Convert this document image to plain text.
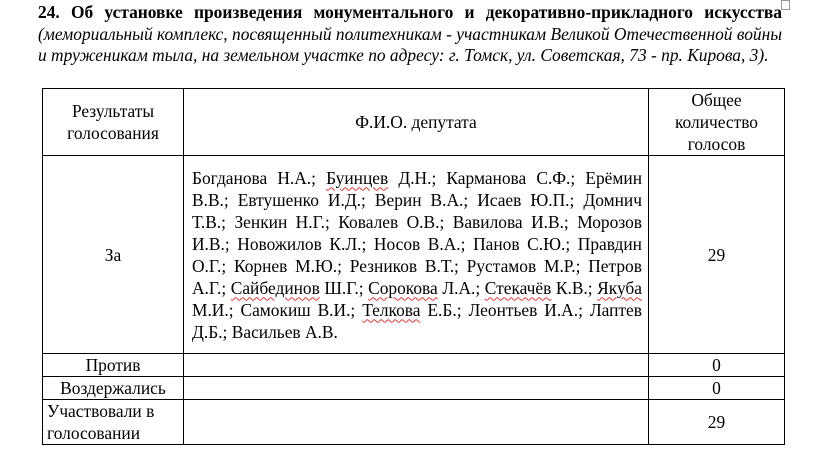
24. Об установке произведения монументального и декоративно-прикладного искусства (мемориальный комплекс, посвященный политехникам - участникам Великой Отечественной войны и труженикам тыла, на земельном участке по адресу: г. Томск, ул. Советская, 73 - пр. Кирова, 3).
Результаты голосования	Ф.И.О. депутата	Общее количество голосов
За	Богданова Н.А.; Буинцев Д.Н.; Карманова С.Ф.; Ерёмин В.В.; Евтушенко И.Д.; Верин В.А.; Исаев Ю.П.; Домнич Т.В.; Зенкин Н.Г.; Ковалев О.В.; Вавилова И.В.; Морозов И.В.; Новожилов К.Л.; Носов В.А.; Панов С.Ю.; Правдин О.Г.; Корнев М.Ю.; Резников В.Т.; Рустамов М.Р.; Петров А.Г.; Сайбединов Ш.Г.; Сорокова Л.А.; Стекачёв К.В.; Якуба М.И.; Самокиш В.И.; Телкова Е.Б.; Леонтьев И.А.; Лаптев Д.Б.; Васильев А.В.	29
Против		0
Воздержались		0
Участвовали в голосовании		29
